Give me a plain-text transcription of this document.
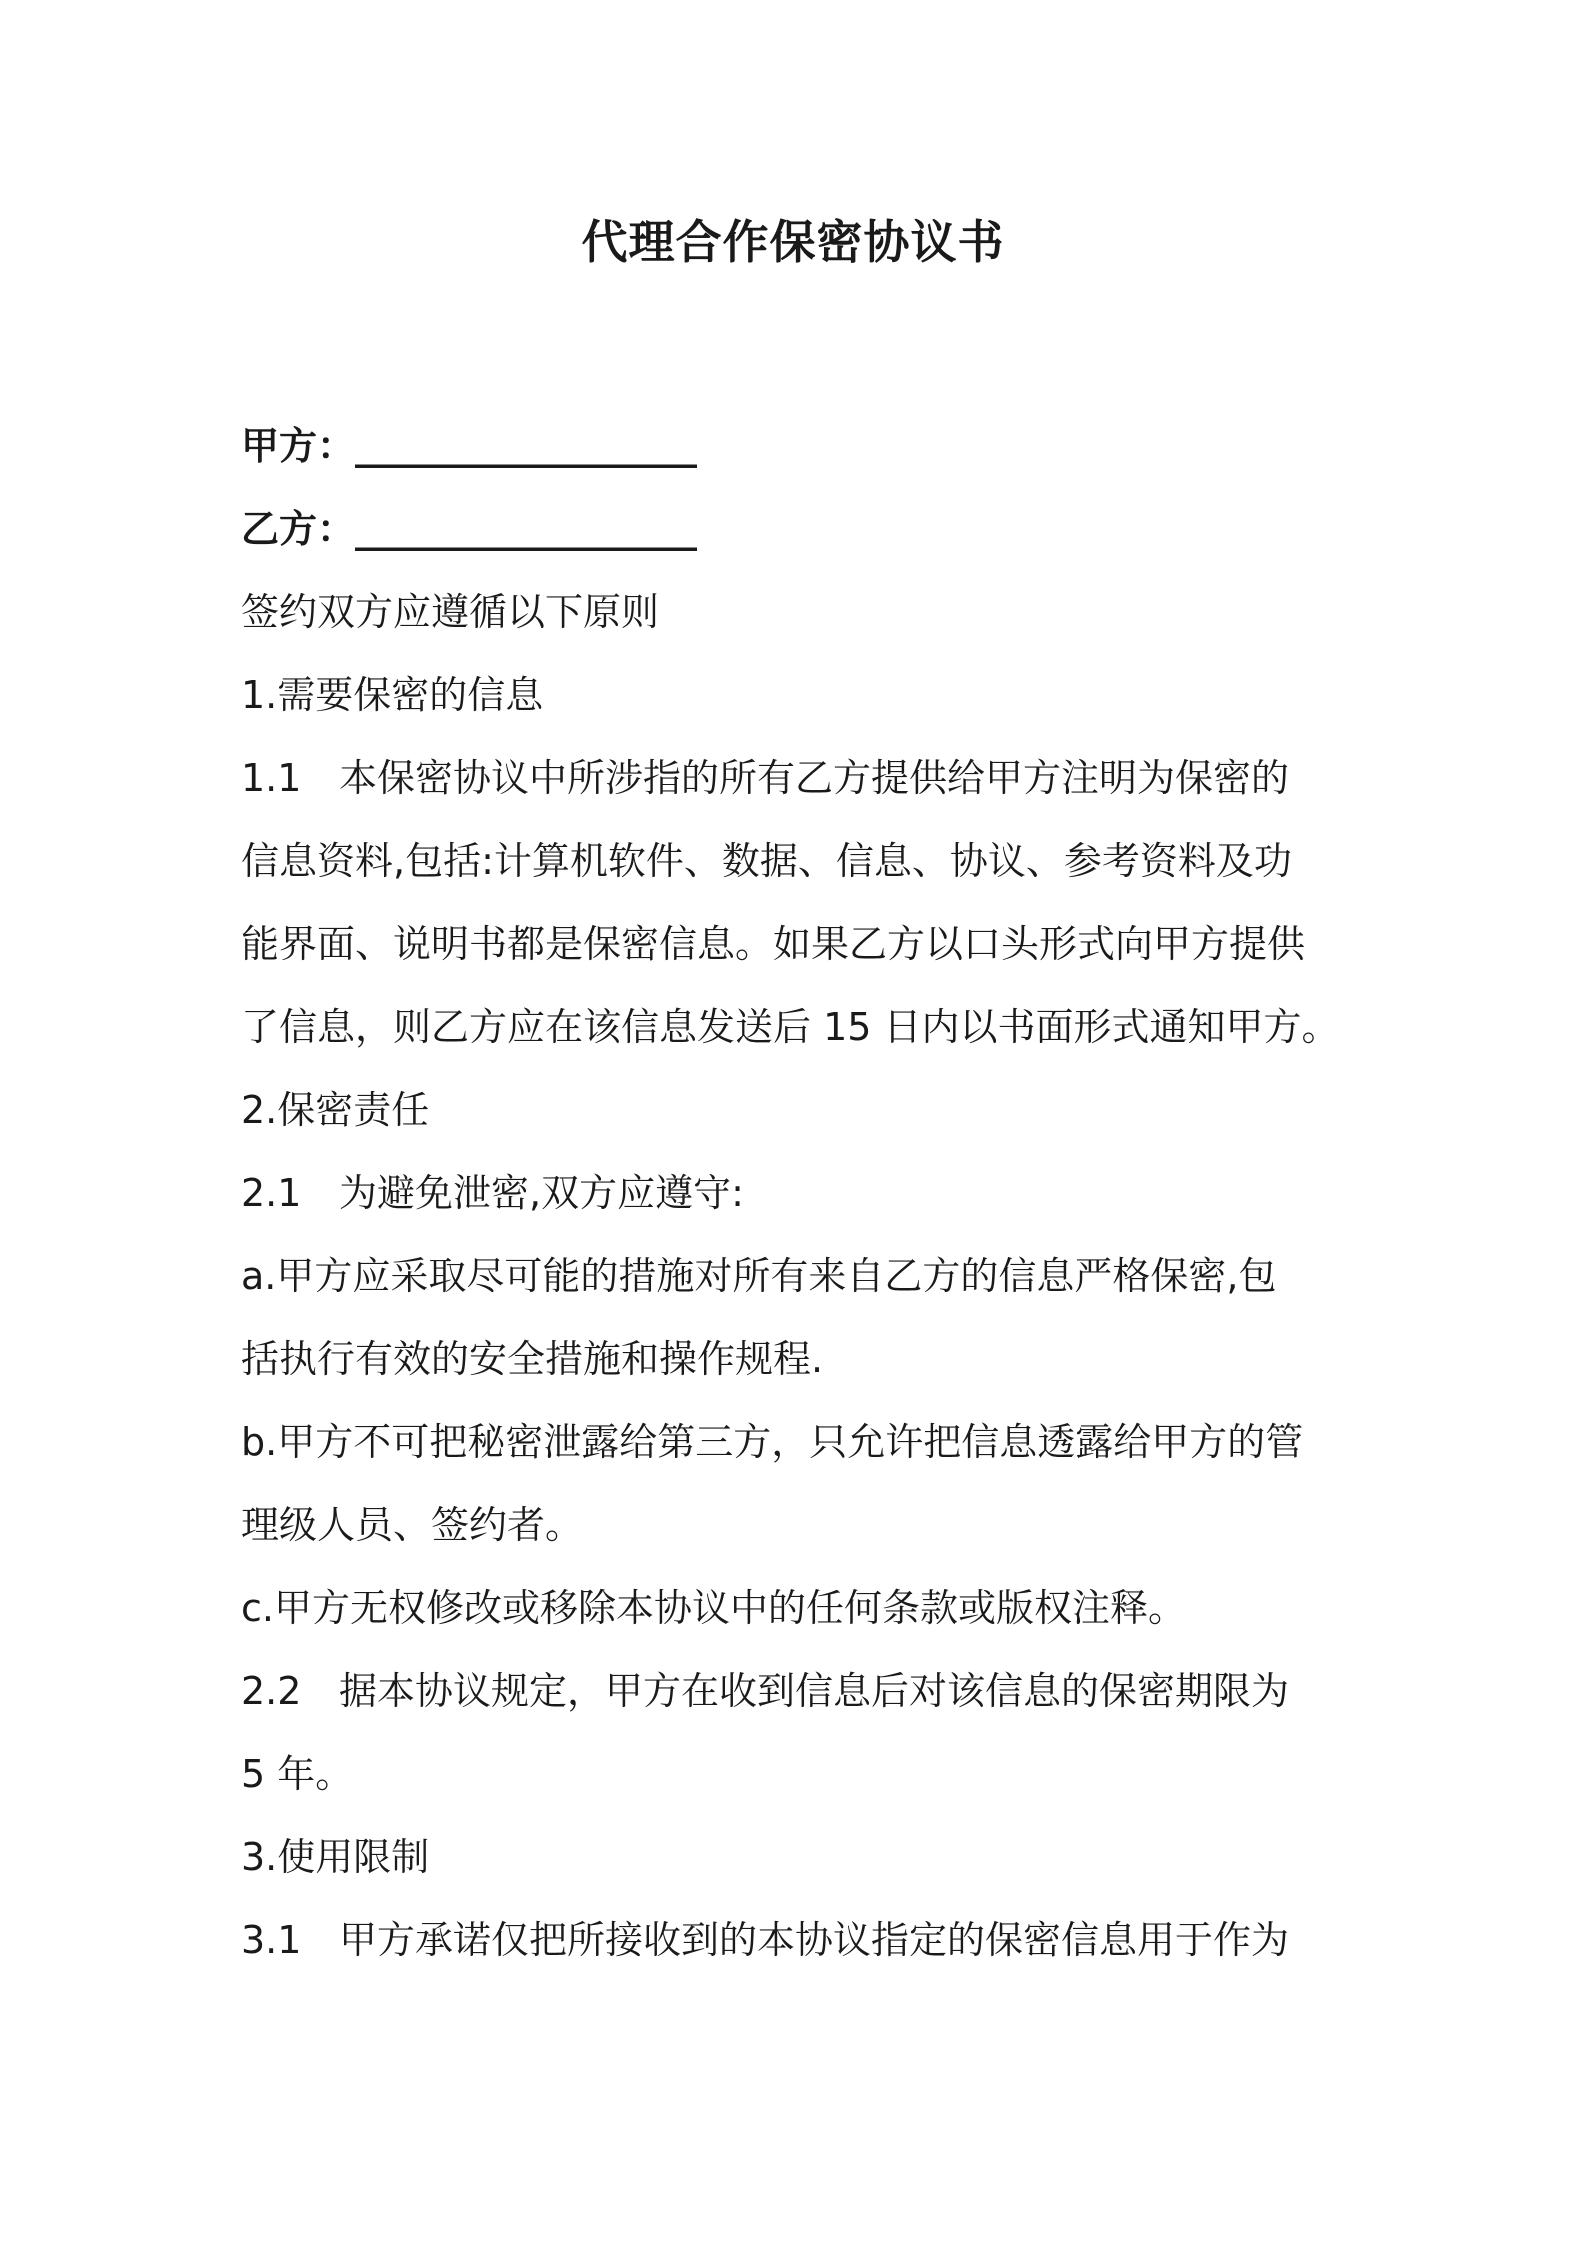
代理合作保密协议书
甲方：__________________
乙方：__________________
签约双方应遵循以下原则
1.需要保密的信息
1.1 本保密协议中所涉指的所有乙方提供给甲方注明为保密的
信息资料,包括:计算机软件、数据、信息、协议、参考资料及功
能界面、说明书都是保密信息。如果乙方以口头形式向甲方提供
了信息，则乙方应在该信息发送后 15 日内以书面形式通知甲方。
2.保密责任
2.1 为避免泄密,双方应遵守:
a.甲方应采取尽可能的措施对所有来自乙方的信息严格保密,包
括执行有效的安全措施和操作规程.
b.甲方不可把秘密泄露给第三方，只允许把信息透露给甲方的管
理级人员、签约者。
c.甲方无权修改或移除本协议中的任何条款或版权注释。
2.2 据本协议规定，甲方在收到信息后对该信息的保密期限为
5 年。
3.使用限制
3.1 甲方承诺仅把所接收到的本协议指定的保密信息用于作为
